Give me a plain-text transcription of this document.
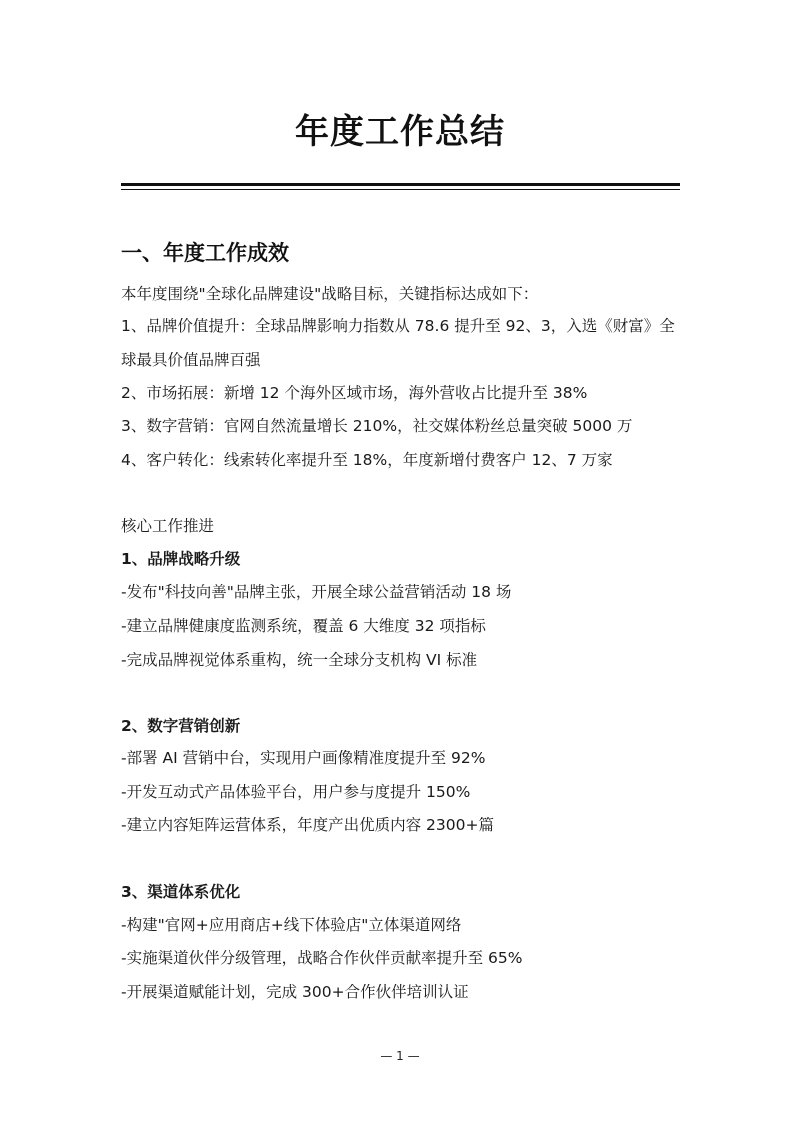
年度工作总结
一、年度工作成效
本年度围绕"全球化品牌建设"战略目标，关键指标达成如下：
1、品牌价值提升：全球品牌影响力指数从 78.6 提升至 92、3，入选《财富》全球最具价值品牌百强
2、市场拓展：新增 12 个海外区域市场，海外营收占比提升至 38%
3、数字营销：官网自然流量增长 210%，社交媒体粉丝总量突破 5000 万
4、客户转化：线索转化率提升至 18%，年度新增付费客户 12、7 万家
核心工作推进
1、品牌战略升级
-发布"科技向善"品牌主张，开展全球公益营销活动 18 场
-建立品牌健康度监测系统，覆盖 6 大维度 32 项指标
-完成品牌视觉体系重构，统一全球分支机构 VI 标准
2、数字营销创新
-部署 AI 营销中台，实现用户画像精准度提升至 92%
-开发互动式产品体验平台，用户参与度提升 150%
-建立内容矩阵运营体系，年度产出优质内容 2300+篇
3、渠道体系优化
-构建"官网+应用商店+线下体验店"立体渠道网络
-实施渠道伙伴分级管理，战略合作伙伴贡献率提升至 65%
-开展渠道赋能计划，完成 300+合作伙伴培训认证
— 1 —
